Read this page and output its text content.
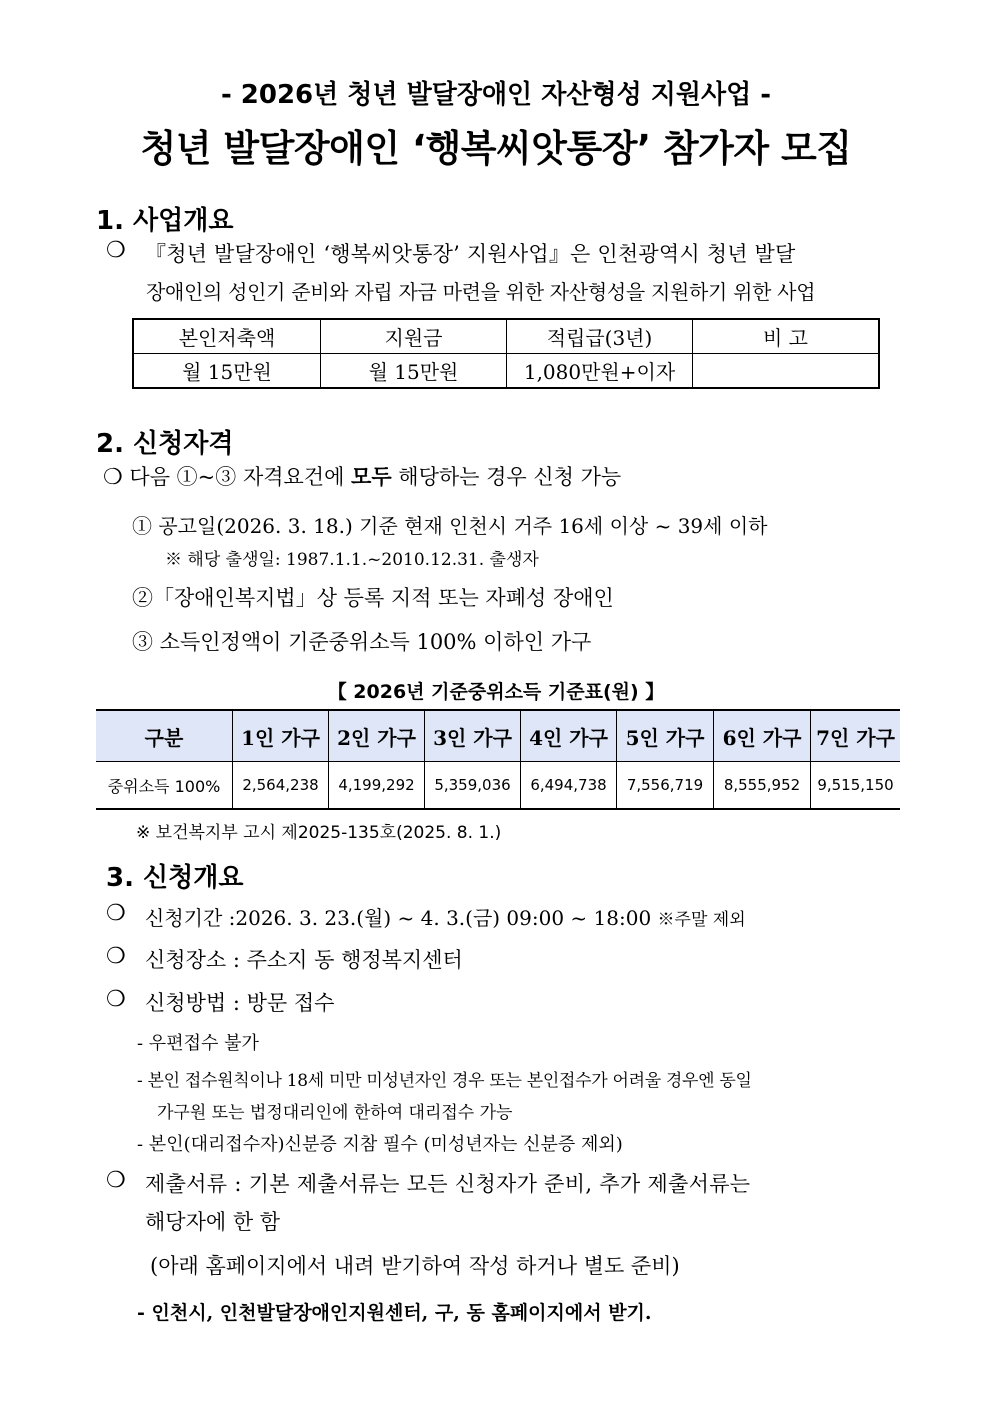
- 2026년 청년 발달장애인 자산형성 지원사업 -
청년 발달장애인 ‘행복씨앗통장’ 참가자 모집
1. 사업개요
❍ 『청년 발달장애인 ‘행복씨앗통장’ 지원사업』은 인천광역시 청년 발달
장애인의 성인기 준비와 자립 자금 마련을 위한 자산형성을 지원하기 위한 사업
본인저축액	지원금	적립급(3년)	비 고
월 15만원	월 15만원	1,080만원+이자	
2. 신청자격
❍ 다음 ①~③ 자격요건에 모두 해당하는 경우 신청 가능
① 공고일(2026. 3. 18.) 기준 현재 인천시 거주 16세 이상 ~ 39세 이하
※ 해당 출생일: 1987.1.1.~2010.12.31. 출생자
②「장애인복지법」상 등록 지적 또는 자폐성 장애인
③ 소득인정액이 기준중위소득 100% 이하인 가구
【 2026년 기준중위소득 기준표(원) 】
구분	1인 가구	2인 가구	3인 가구	4인 가구	5인 가구	6인 가구	7인 가구
중위소득 100%	2,564,238	4,199,292	5,359,036	6,494,738	7,556,719	8,555,952	9,515,150
※ 보건복지부 고시 제2025-135호(2025. 8. 1.)
3. 신청개요
❍ 신청기간 :2026. 3. 23.(월) ~ 4. 3.(금) 09:00 ~ 18:00 ※주말 제외
❍ 신청장소 : 주소지 동 행정복지센터
❍ 신청방법 : 방문 접수
- 우편접수 불가
- 본인 접수원칙이나 18세 미만 미성년자인 경우 또는 본인접수가 어려울 경우엔 동일
가구원 또는 법정대리인에 한하여 대리접수 가능
- 본인(대리접수자)신분증 지참 필수 (미성년자는 신분증 제외)
❍ 제출서류 : 기본 제출서류는 모든 신청자가 준비, 추가 제출서류는
해당자에 한 함
(아래 홈페이지에서 내려 받기하여 작성 하거나 별도 준비)
- 인천시, 인천발달장애인지원센터, 구, 동 홈페이지에서 받기.
